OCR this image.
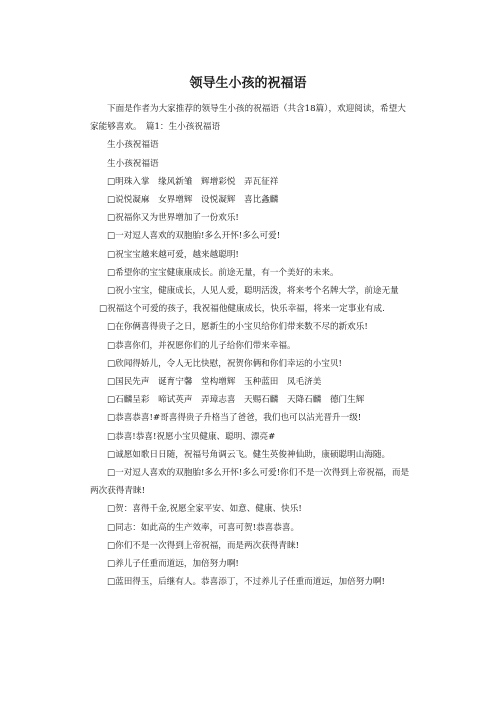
领导生小孩的祝福语

下面是作者为大家推荐的领导生小孩的祝福语（共含18篇），欢迎阅读，希望大家能够喜欢。　篇1：生小孩祝福语

生小孩祝福语

生小孩祝福语

□明珠入掌　缘风新雏　辉增彩悦　弄瓦征祥

□说悦凝麻　女界增辉　设悦凝辉　喜比螽麟

□祝福你又为世界增加了一份欢乐!

□一对逗人喜欢的双胞胎!多么开怀!多么可爱!

□祝宝宝越来越可爱，越来越聪明!

□希望你的宝宝健康康成长。前途无量，有一个美好的未来。

□祝小宝宝，健康成长，人见人爱，聪明活泼，将来考个名牌大学，前途无量

□祝福这个可爱的孩子，我祝福他健康成长，快乐幸福，将来一定事业有成.

□在你俩喜得贵子之日，愿新生的小宝贝给你们带来数不尽的新欢乐!

□恭喜你们，并祝愿你们的儿子给你们带来幸福。

□欣闻得娇儿，令人无比快慰，祝贺你俩和你们幸运的小宝贝!

□国民先声　诞育宁馨　堂构增辉　玉种蓝田　凤毛济美

□石麟呈彩　啼试英声　弄璋志喜　天赐石麟　天降石麟　德门生辉

□恭喜恭喜!#哥喜得贵子升格当了爸爸，我们也可以沾光晋升一级!

□恭喜!恭喜!祝愿小宝贝健康、聪明、漂亮#

□诚愿如歌日日随，祝福号角调云飞。健生英俊神仙助，康硕聪明山海随。

□一对逗人喜欢的双胞胎!多么开怀!多么可爱!你们不是一次得到上帝祝福，而是两次获得青睐!

□贺：喜得千金,祝愿全家平安、如意、健康、快乐!

□同志：如此高的生产效率，可喜可贺!恭喜恭喜。

□你们不是一次得到上帝祝福，而是两次获得青睐!

□养儿子任重而道远，加倍努力啊!

□蓝田得玉，后继有人。恭喜添丁，不过养儿子任重而道远，加倍努力啊!
